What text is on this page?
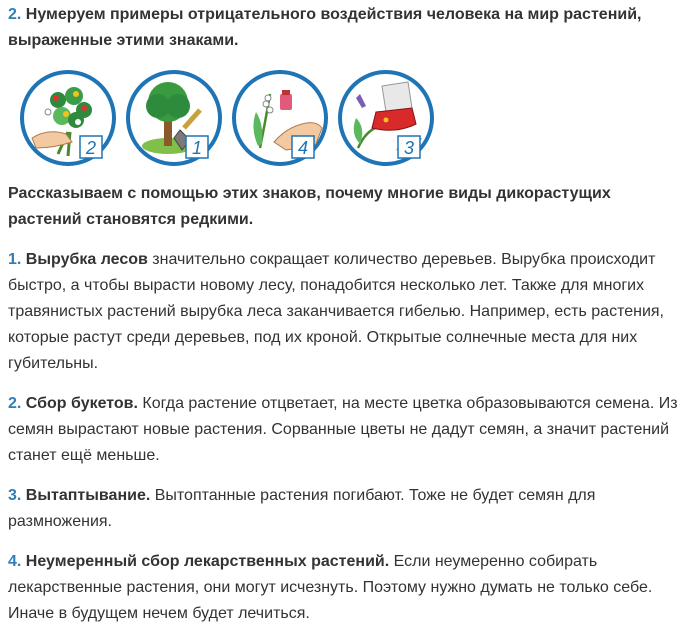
2. Нумеруем примеры отрицательного воздействия человека на мир растений, выраженные этими знаками.

2	1	4	3

Рассказываем с помощью этих знаков, почему многие виды дикорастущих растений становятся редкими.

1. Вырубка лесов значительно сокращает количество деревьев. Вырубка происходит быстро, а чтобы вырасти новому лесу, понадобится несколько лет. Также для многих травянистых растений вырубка леса заканчивается гибелью. Например, есть растения, которые растут среди деревьев, под их кроной. Открытые солнечные места для них губительны.

2. Сбор букетов. Когда растение отцветает, на месте цветка образовываются семена. Из семян вырастают новые растения. Сорванные цветы не дадут семян, а значит растений станет ещё меньше.

3. Вытаптывание. Вытоптанные растения погибают. Тоже не будет семян для размножения.

4. Неумеренный сбор лекарственных растений. Если неумеренно собирать лекарственные растения, они могут исчезнуть. Поэтому нужно думать не только себе. Иначе в будущем нечем будет лечиться.
